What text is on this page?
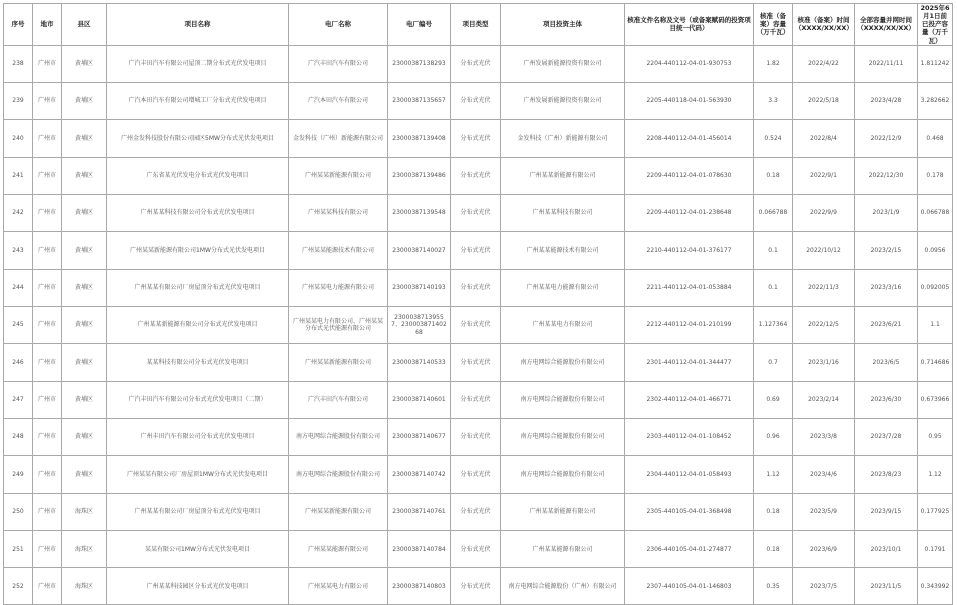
序号	地市	县区	项目名称	电厂名称	电厂编号	项目类型	项目投资主体	核准文件名称及文号（或备案赋码的投资项目统一代码）	核准（备案）容量（万千瓦）	核准（备案）时间（XXXX/XX/XX）	全部容量并网时间（XXXX/XX/XX）	2025年6月1日前已投产容量（万千瓦）
238	广州市	黄埔区	广汽丰田汽车有限公司屋顶二期分布式光伏发电项目	广汽丰田汽车有限公司	23000387138293	分布式光伏	广州发展新能源投资有限公司	2204-440112-04-01-930753	1.82	2022/4/22	2022/11/11	1.811242
239	广州市	黄埔区	广汽本田汽车有限公司增城工厂分布式光伏发电项目	广汽本田汽车有限公司	23000387135657	分布式光伏	广州发展新能源投资有限公司	2205-440118-04-01-563930	3.3	2022/5/18	2023/4/28	3.282662
240	广州市	黄埔区	广州金发科技股份有限公司园区5MW分布式光伏发电项目	金发科技（广州）新能源有限公司	23000387139408	分布式光伏	金发科技（广州）新能源有限公司	2208-440112-04-01-456014	0.524	2022/8/4	2022/12/9	0.468
241	广州市	黄埔区	广东省某光伏发电分布式光伏发电项目	广州某某新能源有限公司	23000387139486	分布式光伏	广州某某新能源有限公司	2209-440112-04-01-078630	0.18	2022/9/1	2022/12/30	0.178
242	广州市	黄埔区	广州某某科技有限公司分布式光伏发电项目	广州某某科技有限公司	23000387139548	分布式光伏	广州某某科技有限公司	2209-440112-04-01-238648	0.066788	2022/9/9	2023/1/9	0.066788
243	广州市	黄埔区	广州某某新能源有限公司1MW分布式光伏发电项目	广州某某能源技术有限公司	23000387140027	分布式光伏	广州某某能源技术有限公司	2210-440112-04-01-376177	0.1	2022/10/12	2023/2/15	0.0956
244	广州市	黄埔区	广州某某有限公司厂房屋顶分布式光伏发电项目	广州某某电力能源有限公司	23000387140193	分布式光伏	广州某某电力能源有限公司	2211-440112-04-01-053884	0.1	2022/11/3	2023/3/16	0.092005
245	广州市	黄埔区	广州某某新能源有限公司分布式光伏发电项目	广州某某电力有限公司、广州某某分布式光伏能源有限公司	23000387139557、23000387140268	分布式光伏	广州某某电力有限公司	2212-440112-04-01-210199	1.127364	2022/12/5	2023/6/21	1.1
246	广州市	黄埔区	某某科技有限公司分布式光伏发电项目	广州某某新能源有限公司	23000387140533	分布式光伏	南方电网综合能源股份有限公司	2301-440112-04-01-344477	0.7	2023/1/16	2023/6/5	0.714686
247	广州市	黄埔区	广汽丰田汽车有限公司分布式光伏发电项目（二期）	广汽丰田汽车有限公司	23000387140601	分布式光伏	南方电网综合能源股份有限公司	2302-440112-04-01-466771	0.69	2023/2/14	2023/6/30	0.673966
248	广州市	黄埔区	广州丰田汽车有限公司分布式光伏发电项目	南方电网综合能源股份有限公司	23000387140677	分布式光伏	南方电网综合能源股份有限公司	2303-440112-04-01-108452	0.96	2023/3/8	2023/7/28	0.95
249	广州市	黄埔区	广州某某有限公司厂房屋顶1MW分布式光伏发电项目	南方电网综合能源股份有限公司	23000387140742	分布式光伏	南方电网综合能源股份有限公司	2304-440112-04-01-058493	1.12	2023/4/6	2023/8/23	1.12
250	广州市	海珠区	广州某某有限公司厂房屋顶分布式光伏发电项目	广州某某新能源有限公司	23000387140761	分布式光伏	广州某某新能源有限公司	2305-440105-04-01-368498	0.18	2023/5/9	2023/9/15	0.177925
251	广州市	海珠区	某某有限公司1MW分布式光伏发电项目	广州某某能源有限公司	23000387140784	分布式光伏	广州某某能源有限公司	2306-440105-04-01-274877	0.18	2023/6/9	2023/10/1	0.1791
252	广州市	海珠区	广州某某科技园区分布式光伏发电项目	广州某某电力有限公司	23000387140803	分布式光伏	南方电网综合能源股份（广州）有限公司	2307-440105-04-01-146803	0.35	2023/7/5	2023/11/5	0.343992
